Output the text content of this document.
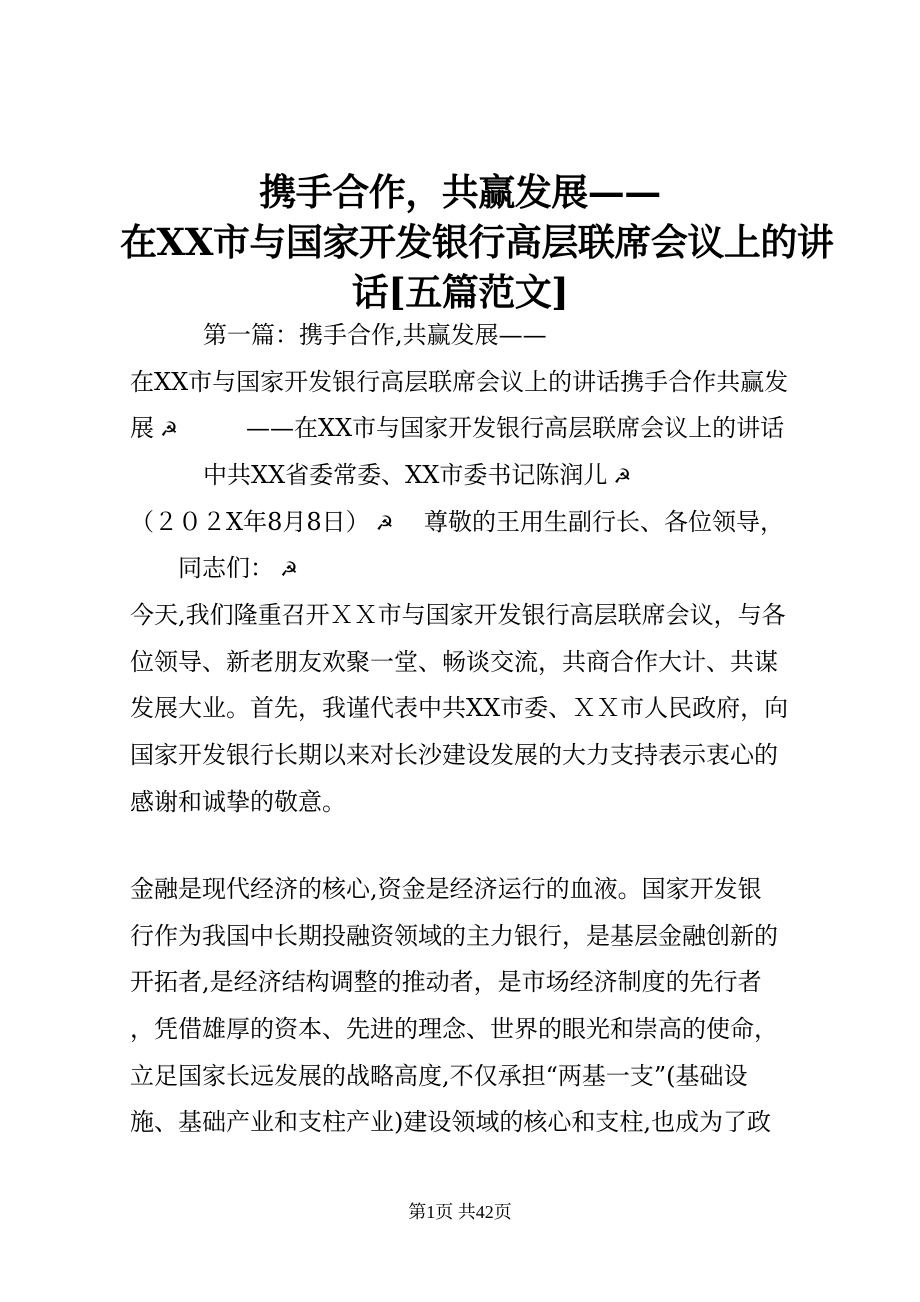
携手合作，共赢发展——
在XX市与国家开发银行高层联席会议上的讲
话[五篇范文]
第一篇：携手合作,共赢发展——
在XX市与国家开发银行高层联席会议上的讲话携手合作共赢发
展 ☭	——在XX市与国家开发银行高层联席会议上的讲话
中共XX省委常委、XX市委书记陈润儿 ☭
（２０２X年8月8日） ☭ 尊敬的王用生副行长、各位领导，
同志们： ☭
今天,我们隆重召开ＸＸ市与国家开发银行高层联席会议，与各
位领导、新老朋友欢聚一堂、畅谈交流，共商合作大计、共谋
发展大业。首先，我谨代表中共XX市委、ＸＸ市人民政府，向
国家开发银行长期以来对长沙建设发展的大力支持表示衷心的
感谢和诚挚的敬意。
金融是现代经济的核心,资金是经济运行的血液。国家开发银
行作为我国中长期投融资领域的主力银行，是基层金融创新的
开拓者,是经济结构调整的推动者，是市场经济制度的先行者
，凭借雄厚的资本、先进的理念、世界的眼光和崇高的使命，
立足国家长远发展的战略高度,不仅承担“两基一支”(基础设
施、基础产业和支柱产业)建设领域的核心和支柱,也成为了政
第1页 共42页
